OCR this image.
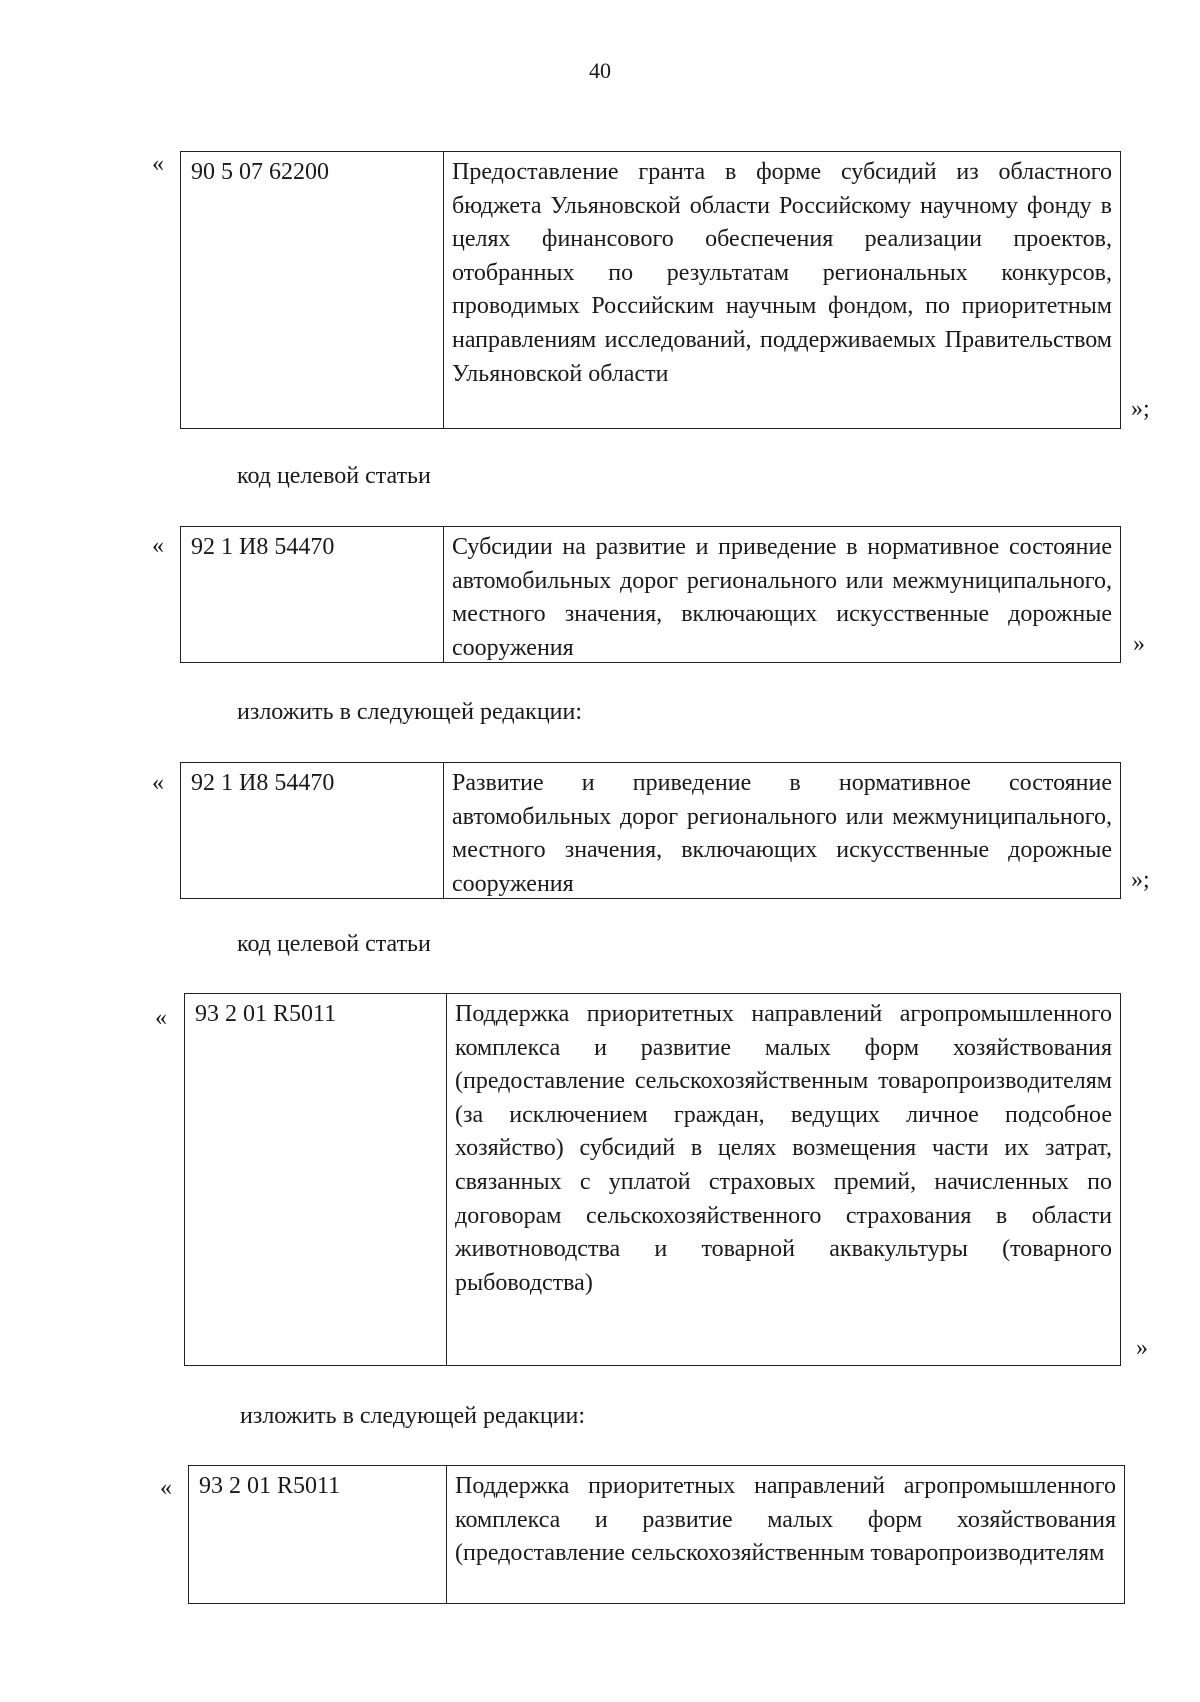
40
«	90 5 07 62200	Предоставление гранта в форме субсидий из областного бюджета Ульяновской области Российскому научному фонду в целях финансового обеспечения реализации проектов, отобранных по результатам региональных конкурсов, проводимых Российским научным фондом, по приоритетным направлениям исследований, поддерживаемых Правительством Ульяновской области
»;
код целевой статьи
«	92 1 И8 54470	Субсидии на развитие и приведение в нормативное состояние автомобильных дорог регионального или межмуниципального, местного значения, включающих искусственные дорожные сооружения	»
изложить в следующей редакции:
«	92 1 И8 54470	Развитие и приведение в нормативное состояние автомобильных дорог регионального или межмуниципального, местного значения, включающих искусственные дорожные сооружения	»;
код целевой статьи
«	93 2 01 R5011	Поддержка приоритетных направлений агропромышленного комплекса и развитие малых форм хозяйствования (предоставление сельскохозяйственным товаропроизводителям (за исключением граждан, ведущих личное подсобное хозяйство) субсидий в целях возмещения части их затрат, связанных с уплатой страховых премий, начисленных по договорам сельскохозяйственного страхования в области животноводства и товарной аквакультуры (товарного рыбоводства)
»
изложить в следующей редакции:
«	93 2 01 R5011	Поддержка приоритетных направлений агропромышленного комплекса и развитие малых форм хозяйствования (предоставление сельскохозяйственным товаропроизводителям
